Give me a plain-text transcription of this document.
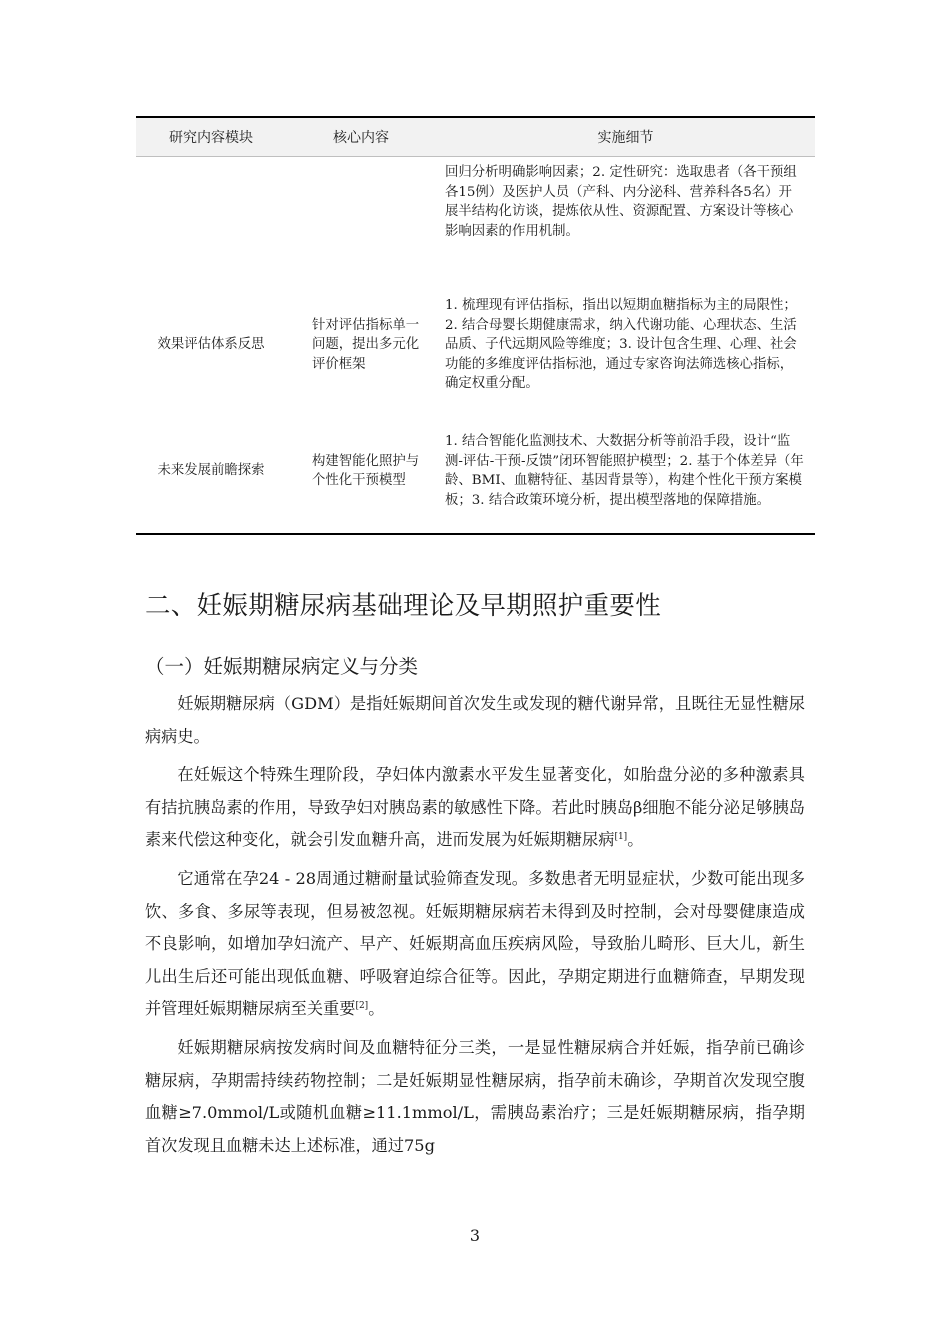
研究内容模块	核心内容	实施细节
		回归分析明确影响因素；2. 定性研究：选取患者（各干预组各15例）及医护人员（产科、内分泌科、营养科各5名）开展半结构化访谈，提炼依从性、资源配置、方案设计等核心影响因素的作用机制。
效果评估体系反思	针对评估指标单一问题，提出多元化评价框架	1. 梳理现有评估指标，指出以短期血糖指标为主的局限性；2. 结合母婴长期健康需求，纳入代谢功能、心理状态、生活品质、子代远期风险等维度；3. 设计包含生理、心理、社会功能的多维度评估指标池，通过专家咨询法筛选核心指标，确定权重分配。
未来发展前瞻探索	构建智能化照护与个性化干预模型	1. 结合智能化监测技术、大数据分析等前沿手段，设计“监测-评估-干预-反馈”闭环智能照护模型；2. 基于个体差异（年龄、BMI、血糖特征、基因背景等），构建个性化干预方案模板；3. 结合政策环境分析，提出模型落地的保障措施。
二、妊娠期糖尿病基础理论及早期照护重要性
（一）妊娠期糖尿病定义与分类

妊娠期糖尿病（GDM）是指妊娠期间首次发生或发现的糖代谢异常，且既往无显性糖尿病病史。

在妊娠这个特殊生理阶段，孕妇体内激素水平发生显著变化，如胎盘分泌的多种激素具有拮抗胰岛素的作用，导致孕妇对胰岛素的敏感性下降。若此时胰岛β细胞不能分泌足够胰岛素来代偿这种变化，就会引发血糖升高，进而发展为妊娠期糖尿病[1]。

它通常在孕24 - 28周通过糖耐量试验筛查发现。多数患者无明显症状，少数可能出现多饮、多食、多尿等表现，但易被忽视。妊娠期糖尿病若未得到及时控制，会对母婴健康造成不良影响，如增加孕妇流产、早产、妊娠期高血压疾病风险，导致胎儿畸形、巨大儿，新生儿出生后还可能出现低血糖、呼吸窘迫综合征等。因此，孕期定期进行血糖筛查，早期发现并管理妊娠期糖尿病至关重要[2]。

妊娠期糖尿病按发病时间及血糖特征分三类，一是显性糖尿病合并妊娠，指孕前已确诊糖尿病，孕期需持续药物控制；二是妊娠期显性糖尿病，指孕前未确诊，孕期首次发现空腹血糖≥7.0mmol/L或随机血糖≥11.1mmol/L，需胰岛素治疗；三是妊娠期糖尿病，指孕期首次发现且血糖未达上述标准，通过75g

3
